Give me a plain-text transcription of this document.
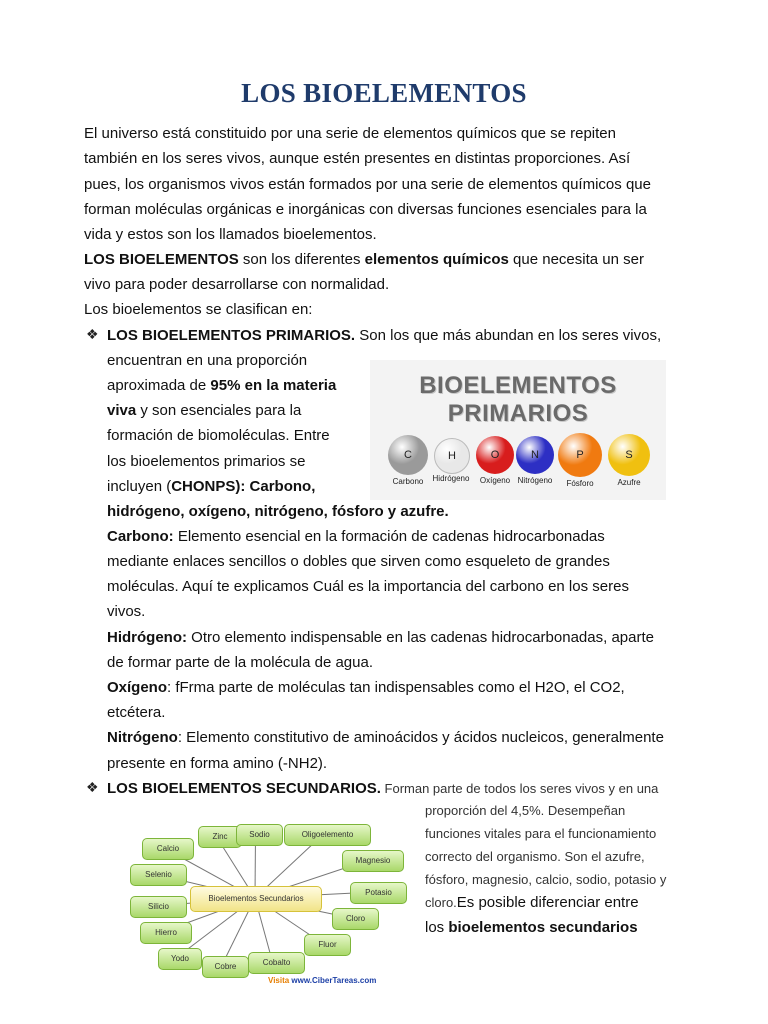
LOS BIOELEMENTOS
El universo está constituido por una serie de elementos químicos que se repiten
también en los seres vivos, aunque estén presentes en distintas proporciones. Así
pues, los organismos vivos están formados por una serie de elementos químicos que
forman moléculas orgánicas e inorgánicas con diversas funciones esenciales para la
vida y estos son los llamados bioelementos.
LOS BIOELEMENTOS son los diferentes elementos químicos que necesita un ser
vivo para poder desarrollarse con normalidad.
Los bioelementos se clasifican en:
❖ LOS BIOELEMENTOS PRIMARIOS. Son los que más abundan en los seres vivos,
encuentran en una proporción
aproximada de 95% en la materia
viva y son esenciales para la
formación de biomoléculas. Entre
los bioelementos primarios se
incluyen (CHONPS): Carbono,
hidrógeno, oxígeno, nitrógeno, fósforo y azufre.
BIOELEMENTOS
PRIMARIOS
C
Carbono
H
Hidrógeno
O
Oxígeno
N
Nitrógeno
P
Fósforo
S
Azufre
Carbono: Elemento esencial en la formación de cadenas hidrocarbonadas
mediante enlaces sencillos o dobles que sirven como esqueleto de grandes
moléculas. Aquí te explicamos Cuál es la importancia del carbono en los seres
vivos.
Hidrógeno: Otro elemento indispensable en las cadenas hidrocarbonadas, aparte
de formar parte de la molécula de agua.
Oxígeno: fFrma parte de moléculas tan indispensables como el H2O, el CO2,
etcétera.
Nitrógeno: Elemento constitutivo de aminoácidos y ácidos nucleicos, generalmente
presente en forma amino (-NH2).
❖ LOS BIOELEMENTOS SECUNDARIOS. Forman parte de todos los seres vivos y en una
proporción del 4,5%. Desempeñan
funciones vitales para el funcionamiento
correcto del organismo. Son el azufre,
fósforo, magnesio, calcio, sodio, potasio y
cloro.Es posible diferenciar entre
los bioelementos secundarios
Bioelementos Secundarios
Zinc	Sodio	Oligoelemento
Magnesio
Potasio
Cloro
Fluor
Cobalto
Cobre
Yodo
Hierro
Silicio
Selenio
Calcio
Visita www.CiberTareas.com
